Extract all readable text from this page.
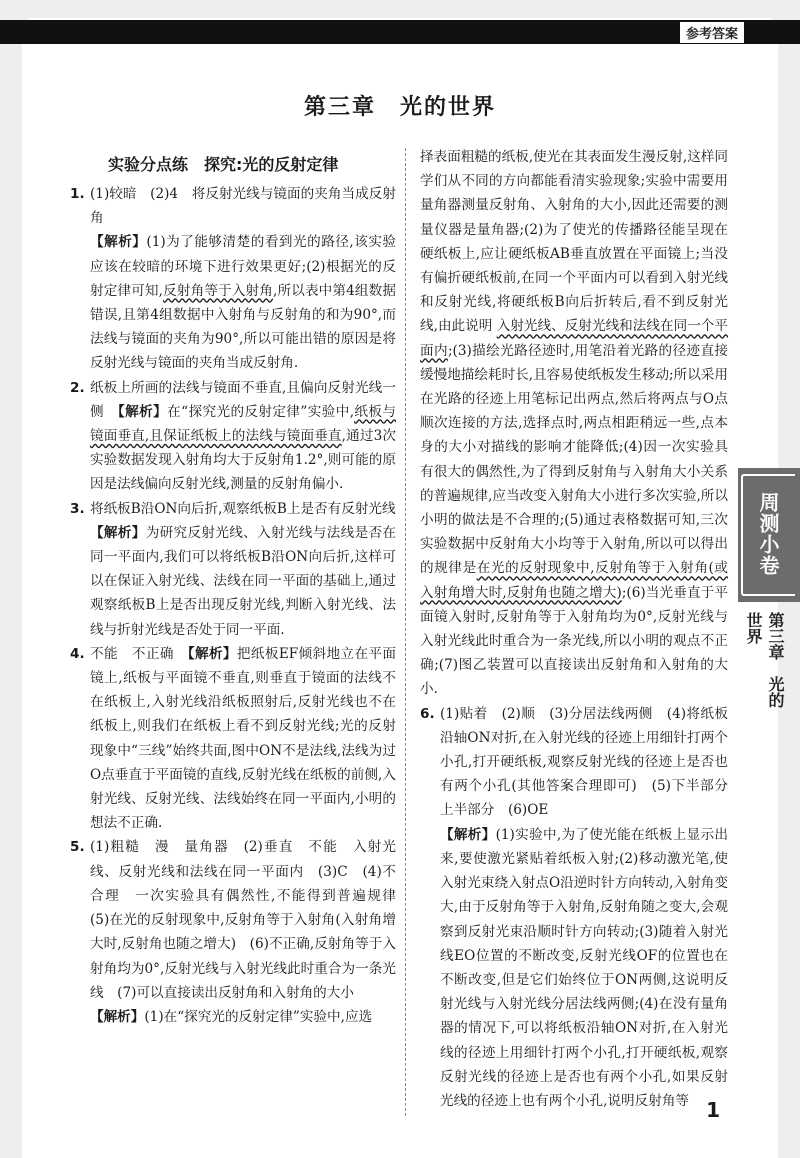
参考答案
第三章　光的世界
实验分点练　探究:光的反射定律
周测小卷
第三章　光的世界
1. (1)较暗　(2)4　将反射光线与镜面的夹角当成反射角
【解析】(1)为了能够清楚的看到光的路径,该实验应该在较暗的环境下进行效果更好;(2)根据光的反射定律可知,反射角等于入射角,所以表中第4组数据错误,且第4组数据中入射角与反射角的和为90°,而法线与镜面的夹角为90°,所以可能出错的原因是将反射光线与镜面的夹角当成反射角.
2. 纸板上所画的法线与镜面不垂直,且偏向反射光线一侧　【解析】在“探究光的反射定律”实验中,纸板与镜面垂直,且保证纸板上的法线与镜面垂直,通过3次实验数据发现入射角均大于反射角1.2°,则可能的原因是法线偏向反射光线,测量的反射角偏小.
3. 将纸板B沿ON向后折,观察纸板B上是否有反射光线
【解析】为研究反射光线、入射光线与法线是否在同一平面内,我们可以将纸板B沿ON向后折,这样可以在保证入射光线、法线在同一平面的基础上,通过观察纸板B上是否出现反射光线,判断入射光线、法线与折射光线是否处于同一平面.
4. 不能　不正确　【解析】把纸板EF倾斜地立在平面镜上,纸板与平面镜不垂直,则垂直于镜面的法线不在纸板上,入射光线沿纸板照射后,反射光线也不在纸板上,则我们在纸板上看不到反射光线;光的反射现象中“三线”始终共面,图中ON不是法线,法线为过O点垂直于平面镜的直线,反射光线在纸板的前侧,入射光线、反射光线、法线始终在同一平面内,小明的想法不正确.
5. (1)粗糙　漫　量角器　(2)垂直　不能　入射光线、反射光线和法线在同一平面内　(3)C　(4)不合理　一次实验具有偶然性,不能得到普遍规律　(5)在光的反射现象中,反射角等于入射角(入射角增大时,反射角也随之增大)　(6)不正确,反射角等于入射角均为0°,反射光线与入射光线此时重合为一条光线　(7)可以直接读出反射角和入射角的大小
【解析】(1)在“探究光的反射定律”实验中,应选
择表面粗糙的纸板,使光在其表面发生漫反射,这样同学们从不同的方向都能看清实验现象;实验中需要用量角器测量反射角、入射角的大小,因此还需要的测量仪器是量角器;(2)为了使光的传播路径能呈现在硬纸板上,应让硬纸板AB垂直放置在平面镜上;当没有偏折硬纸板前,在同一个平面内可以看到入射光线和反射光线,将硬纸板B向后折转后,看不到反射光线,由此说明 入射光线、反射光线和法线在同一个平面内;(3)描绘光路径迹时,用笔沿着光路的径迹直接缓慢地描绘耗时长,且容易使纸板发生移动;所以采用在光路的径迹上用笔标记出两点,然后将两点与O点顺次连接的方法,选择点时,两点相距稍远一些,点本身的大小对描线的影响才能降低;(4)因一次实验具有很大的偶然性,为了得到反射角与入射角大小关系的普遍规律,应当改变入射角大小进行多次实验,所以小明的做法是不合理的;(5)通过表格数据可知,三次实验数据中反射角大小均等于入射角,所以可以得出的规律是在光的反射现象中,反射角等于入射角(或入射角增大时,反射角也随之增大);(6)当光垂直于平面镜入射时,反射角等于入射角均为0°,反射光线与入射光线此时重合为一条光线,所以小明的观点不正确;(7)图乙装置可以直接读出反射角和入射角的大小.
6. (1)贴着　(2)顺　(3)分居法线两侧　(4)将纸板沿轴ON对折,在入射光线的径迹上用细针打两个小孔,打开硬纸板,观察反射光线的径迹上是否也有两个小孔(其他答案合理即可)　(5)下半部分　上半部分　(6)OE
【解析】(1)实验中,为了使光能在纸板上显示出来,要使激光紧贴着纸板入射;(2)移动激光笔,使入射光束绕入射点O沿逆时针方向转动,入射角变大,由于反射角等于入射角,反射角随之变大,会观察到反射光束沿顺时针方向转动;(3)随着入射光线EO位置的不断改变,反射光线OF的位置也在不断改变,但是它们始终位于ON两侧,这说明反射光线与入射光线分居法线两侧;(4)在没有量角器的情况下,可以将纸板沿轴ON对折,在入射光线的径迹上用细针打两个小孔,打开硬纸板,观察反射光线的径迹上是否也有两个小孔,如果反射光线的径迹上也有两个小孔,说明反射角等 1
